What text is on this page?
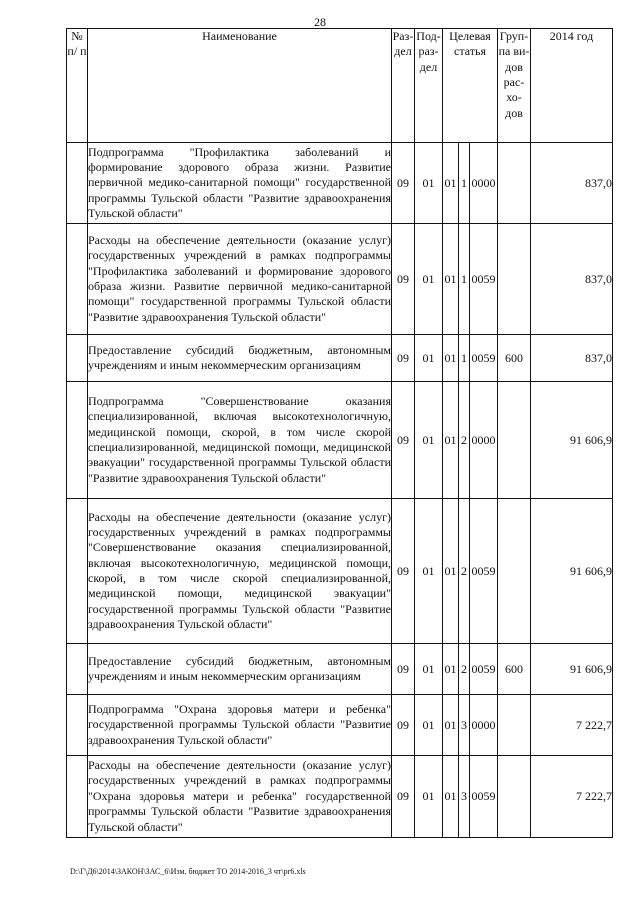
28
№ п/ п	Наименование	Раз-дел	Под-раз-дел	Целевая статья			Груп-па ви-дов рас-хо-дов	2014 год
	Подпрограмма "Профилактика заболеваний и формирование здорового образа жизни. Развитие первичной медико-санитарной помощи" государственной программы Тульской области "Развитие здравоохранения Тульской области"	09	01	01	1	0000		837,0
	Расходы на обеспечение деятельности (оказание услуг) государственных учреждений в рамках подпрограммы "Профилактика заболеваний и формирование здорового образа жизни. Развитие первичной медико-санитарной помощи" государственной программы Тульской области "Развитие здравоохранения Тульской области"	09	01	01	1	0059		837,0
	Предоставление субсидий бюджетным, автономным учреждениям и иным некоммерческим организациям	09	01	01	1	0059	600	837,0
	Подпрограмма "Совершенствование оказания специализированной, включая высокотехнологичную, медицинской помощи, скорой, в том числе скорой специализированной, медицинской помощи, медицинской эвакуации" государственной программы Тульской области "Развитие здравоохранения Тульской области"	09	01	01	2	0000		91 606,9
	Расходы на обеспечение деятельности (оказание услуг) государственных учреждений в рамках подпрограммы "Совершенствование оказания специализированной, включая высокотехнологичную, медицинской помощи, скорой, в том числе скорой специализированной, медицинской помощи, медицинской эвакуации" государственной программы Тульской области "Развитие здравоохранения Тульской области"	09	01	01	2	0059		91 606,9
	Предоставление субсидий бюджетным, автономным учреждениям и иным некоммерческим организациям	09	01	01	2	0059	600	91 606,9
	Подпрограмма "Охрана здоровья матери и ребенка" государственной программы Тульской области "Развитие здравоохранения Тульской области"	09	01	01	3	0000		7 222,7
	Расходы на обеспечение деятельности (оказание услуг) государственных учреждений в рамках подпрограммы "Охрана здоровья матери и ребенка" государственной программы Тульской области "Развитие здравоохранения Тульской области"	09	01	01	3	0059		7 222,7
D:\Г\Д6\2014\ЗАКОН\ЗАС_6\Изм. бюджет ТО 2014-2016_3 чт\pr6.xls
